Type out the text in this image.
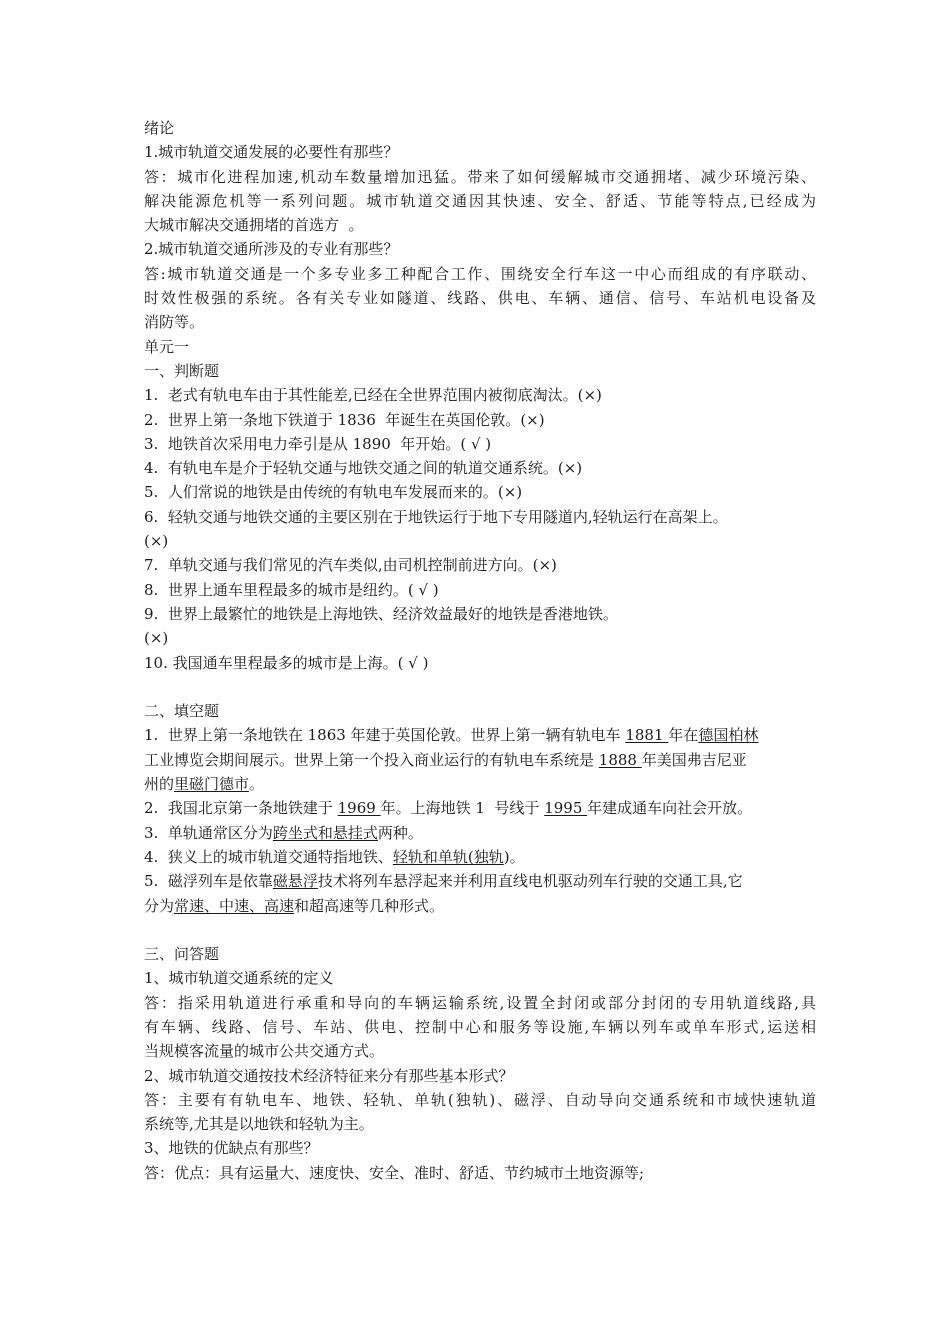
绪论
1.城市轨道交通发展的必要性有那些？
答：城市化进程加速,机动车数量增加迅猛。带来了如何缓解城市交通拥堵、减少环境污染、
解决能源危机等一系列问题。城市轨道交通因其快速、安全、舒适、节能等特点,已经成为
大城市解决交通拥堵的首选方  。
2.城市轨道交通所涉及的专业有那些？
答:城市轨道交通是一个多专业多工种配合工作、围绕安全行车这一中心而组成的有序联动、
时效性极强的系统。各有关专业如隧道、线路、供电、车辆、通信、信号、车站机电设备及
消防等。
单元一
一、判断题
1.  老式有轨电车由于其性能差,已经在全世界范围内被彻底淘汰。(×)
2.  世界上第一条地下铁道于 1836  年诞生在英国伦敦。(×)
3.  地铁首次采用电力牵引是从 1890  年开始。( √ )
4.  有轨电车是介于轻轨交通与地铁交通之间的轨道交通系统。(×)
5.  人们常说的地铁是由传统的有轨电车发展而来的。(×)
6.  轻轨交通与地铁交通的主要区别在于地铁运行于地下专用隧道内,轻轨运行在高架上。
(×)
7.  单轨交通与我们常见的汽车类似,由司机控制前进方向。(×)
8.  世界上通车里程最多的城市是纽约。( √ )
9.  世界上最繁忙的地铁是上海地铁、经济效益最好的地铁是香港地铁。
(×)
10. 我国通车里程最多的城市是上海。( √ )
二、填空题
1.  世界上第一条地铁在 1863 年建于英国伦敦。世界上第一辆有轨电车 1881 年在德国柏林
工业博览会期间展示。世界上第一个投入商业运行的有轨电车系统是 1888 年美国弗吉尼亚
州的里磁门德市。
2.  我国北京第一条地铁建于 1969 年。上海地铁 1  号线于 1995 年建成通车向社会开放。
3.  单轨通常区分为跨坐式和悬挂式两种。
4.  狭义上的城市轨道交通特指地铁、轻轨和单轨(独轨)。
5.  磁浮列车是依靠磁悬浮技术将列车悬浮起来并利用直线电机驱动列车行驶的交通工具,它
分为常速、中速、高速和超高速等几种形式。
三、问答题
1、城市轨道交通系统的定义
答：指采用轨道进行承重和导向的车辆运输系统,设置全封闭或部分封闭的专用轨道线路,具
有车辆、线路、信号、车站、供电、控制中心和服务等设施,车辆以列车或单车形式,运送相
当规模客流量的城市公共交通方式。
2、城市轨道交通按技术经济特征来分有那些基本形式？
答：主要有有轨电车、地铁、轻轨、单轨(独轨)、磁浮、自动导向交通系统和市域快速轨道
系统等,尤其是以地铁和轻轨为主。
3、地铁的优缺点有那些？
答：优点：具有运量大、速度快、安全、准时、舒适、节约城市土地资源等;
